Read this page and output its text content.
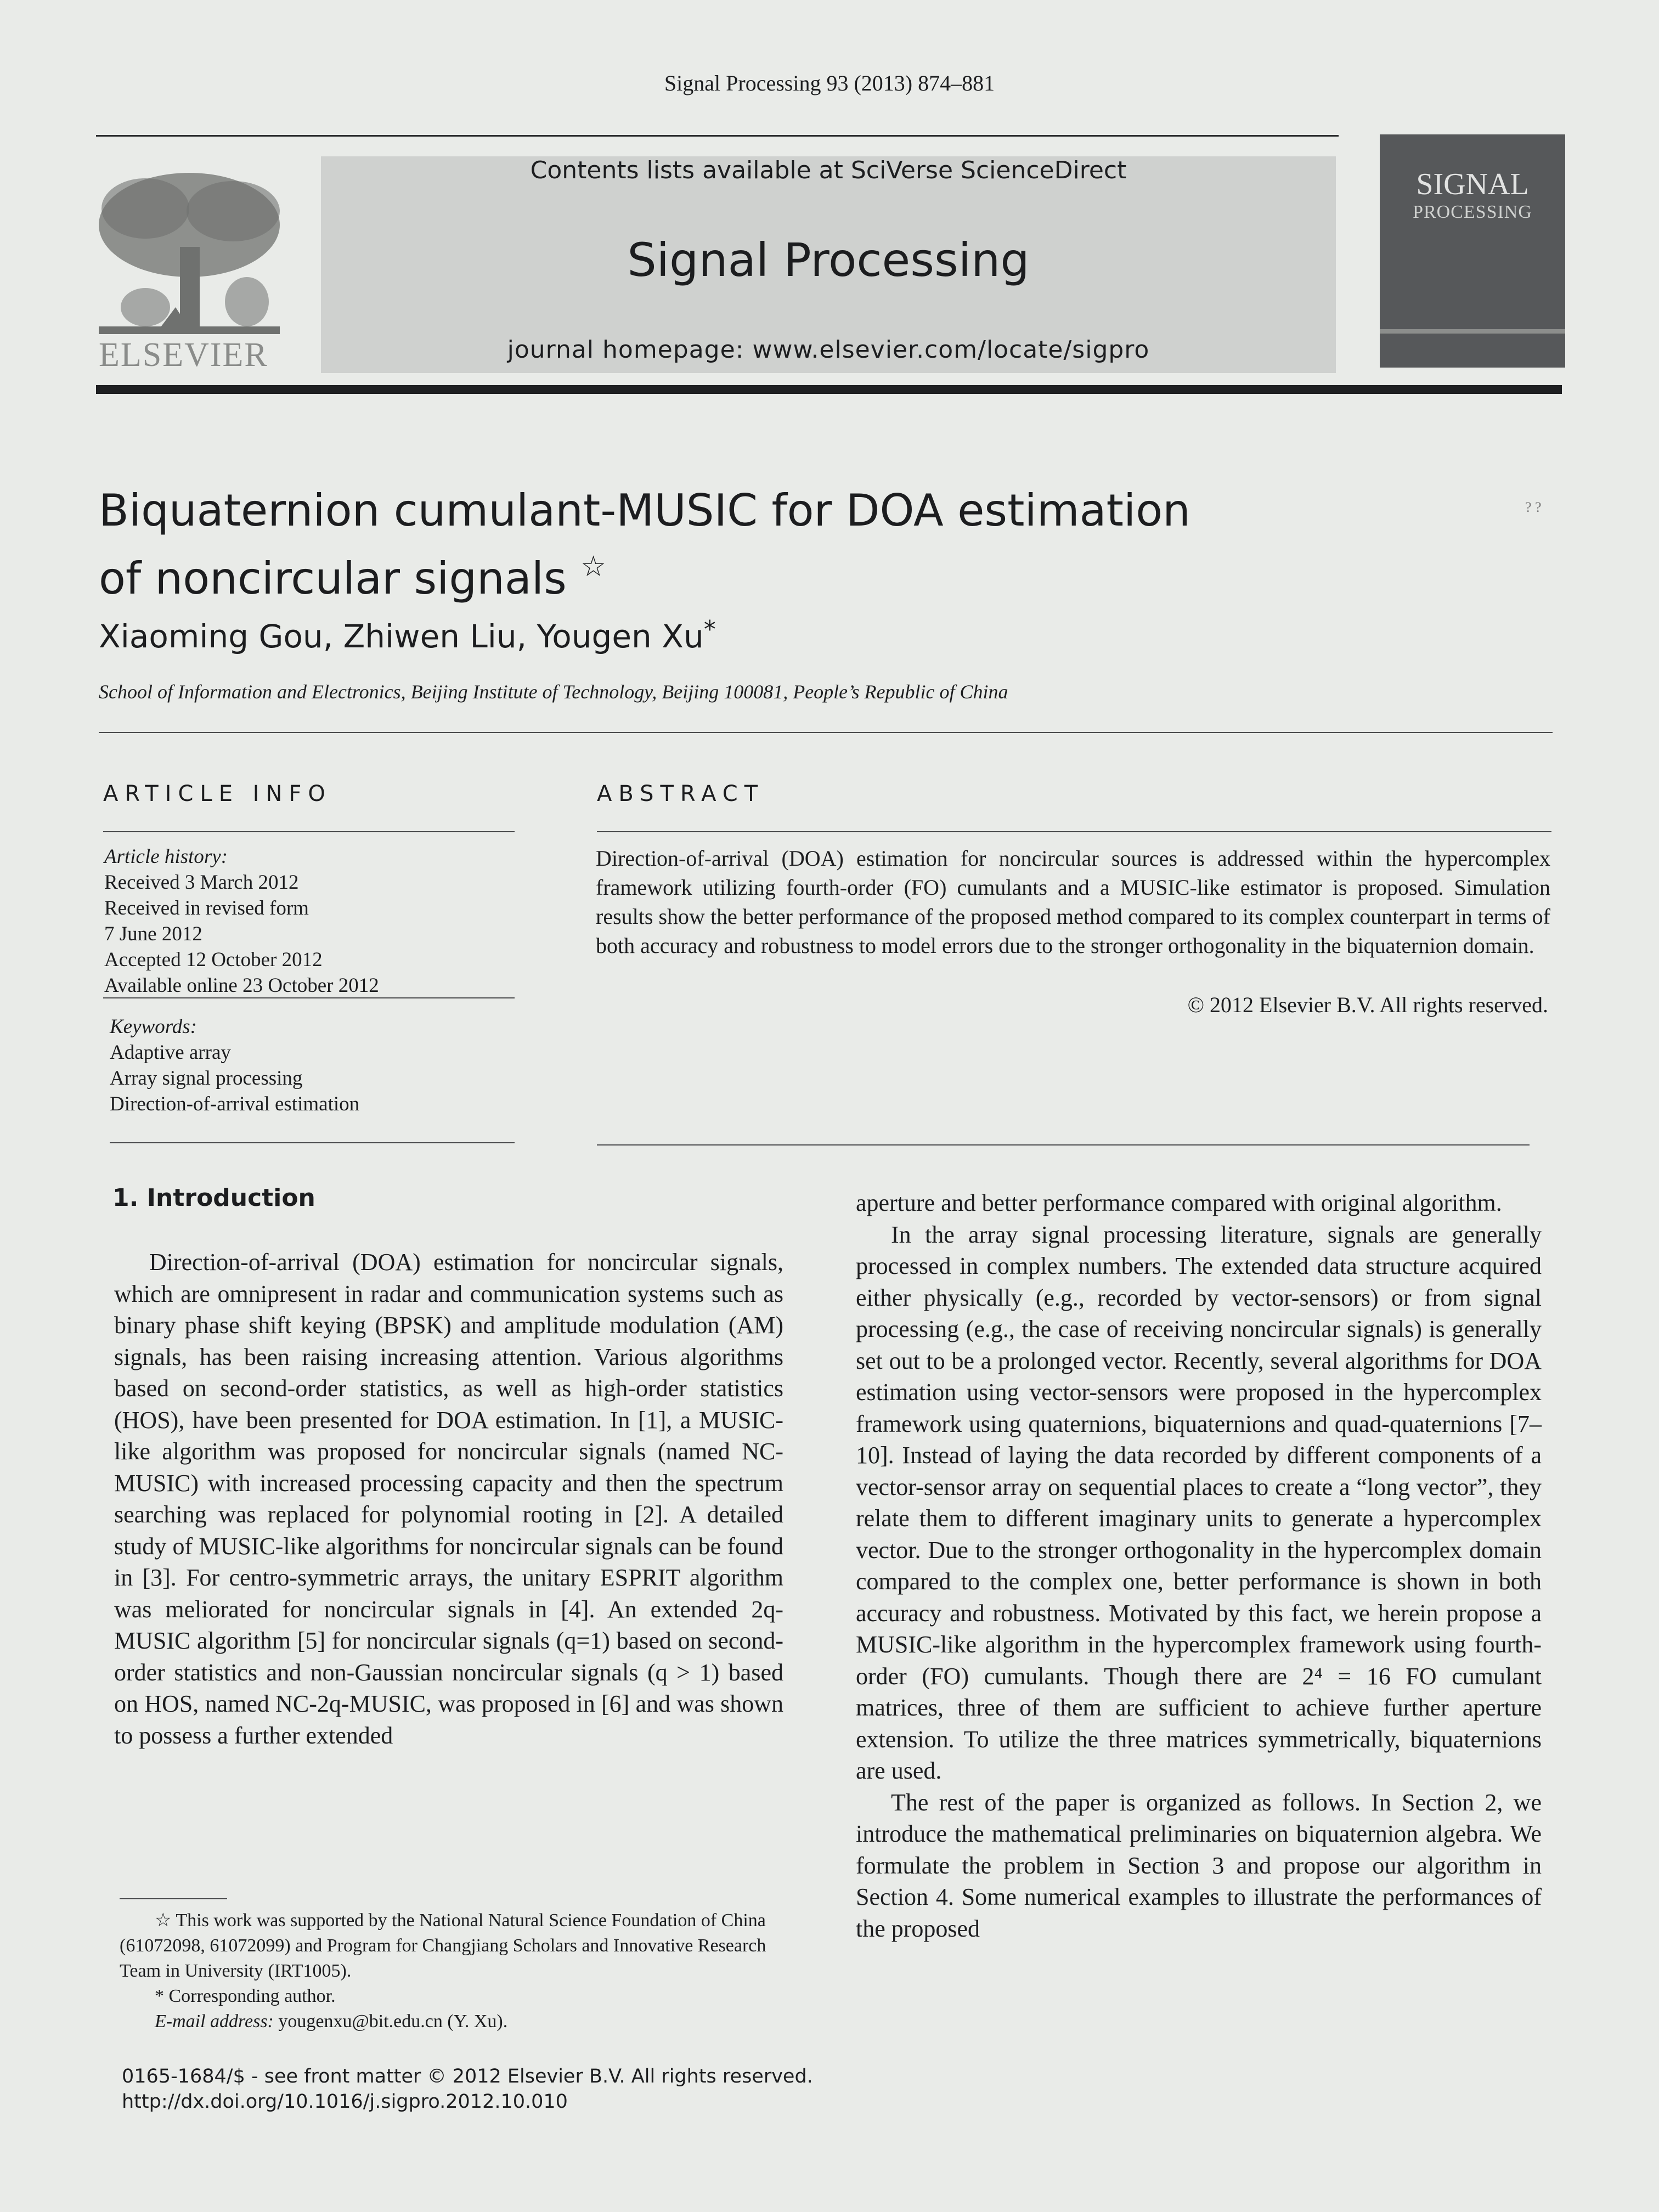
Signal Processing 93 (2013) 874–881
ELSEVIER
Contents lists available at SciVerse ScienceDirect
Signal Processing
journal homepage: www.elsevier.com/locate/sigpro
SIGNAL
PROCESSING
? ?
Biquaternion cumulant-MUSIC for DOA estimation
of noncircular signals ☆
Xiaoming Gou, Zhiwen Liu, Yougen Xu*
School of Information and Electronics, Beijing Institute of Technology, Beijing 100081, People’s Republic of China
ARTICLE INFO
Article history:
Received 3 March 2012
Received in revised form
7 June 2012
Accepted 12 October 2012
Available online 23 October 2012
Keywords:
Adaptive array
Array signal processing
Direction-of-arrival estimation
ABSTRACT
Direction-of-arrival (DOA) estimation for noncircular sources is addressed within the hypercomplex framework utilizing fourth-order (FO) cumulants and a MUSIC-like estimator is proposed. Simulation results show the better performance of the proposed method compared to its complex counterpart in terms of both accuracy and robustness to model errors due to the stronger orthogonality in the biquaternion domain.
© 2012 Elsevier B.V. All rights reserved.
1. Introduction

Direction-of-arrival (DOA) estimation for noncircular signals, which are omnipresent in radar and communication systems such as binary phase shift keying (BPSK) and amplitude modulation (AM) signals, has been raising increasing attention. Various algorithms based on second-order statistics, as well as high-order statistics (HOS), have been presented for DOA estimation. In [1], a MUSIC-like algorithm was proposed for noncircular signals (named NC-MUSIC) with increased processing capacity and then the spectrum searching was replaced for polynomial rooting in [2]. A detailed study of MUSIC-like algorithms for noncircular signals can be found in [3]. For centro-symmetric arrays, the unitary ESPRIT algorithm was meliorated for noncircular signals in [4]. An extended 2q-MUSIC algorithm [5] for noncircular signals (q=1) based on second-order statistics and non-Gaussian noncircular signals (q > 1) based on HOS, named NC-2q-MUSIC, was proposed in [6] and was shown to possess a further extended

aperture and better performance compared with original algorithm.

In the array signal processing literature, signals are generally processed in complex numbers. The extended data structure acquired either physically (e.g., recorded by vector-sensors) or from signal processing (e.g., the case of receiving noncircular signals) is generally set out to be a prolonged vector. Recently, several algorithms for DOA estimation using vector-sensors were proposed in the hypercomplex framework using quaternions, biquaternions and quad-quaternions [7–10]. Instead of laying the data recorded by different components of a vector-sensor array on sequential places to create a “long vector”, they relate them to different imaginary units to generate a hypercomplex vector. Due to the stronger orthogonality in the hypercomplex domain compared to the complex one, better performance is shown in both accuracy and robustness. Motivated by this fact, we herein propose a MUSIC-like algorithm in the hypercomplex framework using fourth-order (FO) cumulants. Though there are 2⁴ = 16 FO cumulant matrices, three of them are sufficient to achieve further aperture extension. To utilize the three matrices symmetrically, biquaternions are used.

The rest of the paper is organized as follows. In Section 2, we introduce the mathematical preliminaries on biquaternion algebra. We formulate the problem in Section 3 and propose our algorithm in Section 4. Some numerical examples to illustrate the performances of the proposed

☆ This work was supported by the National Natural Science Foundation of China (61072098, 61072099) and Program for Changjiang Scholars and Innovative Research Team in University (IRT1005).

* Corresponding author.

E-mail address: yougenxu@bit.edu.cn (Y. Xu).

0165-1684/$ - see front matter © 2012 Elsevier B.V. All rights reserved.

http://dx.doi.org/10.1016/j.sigpro.2012.10.010
